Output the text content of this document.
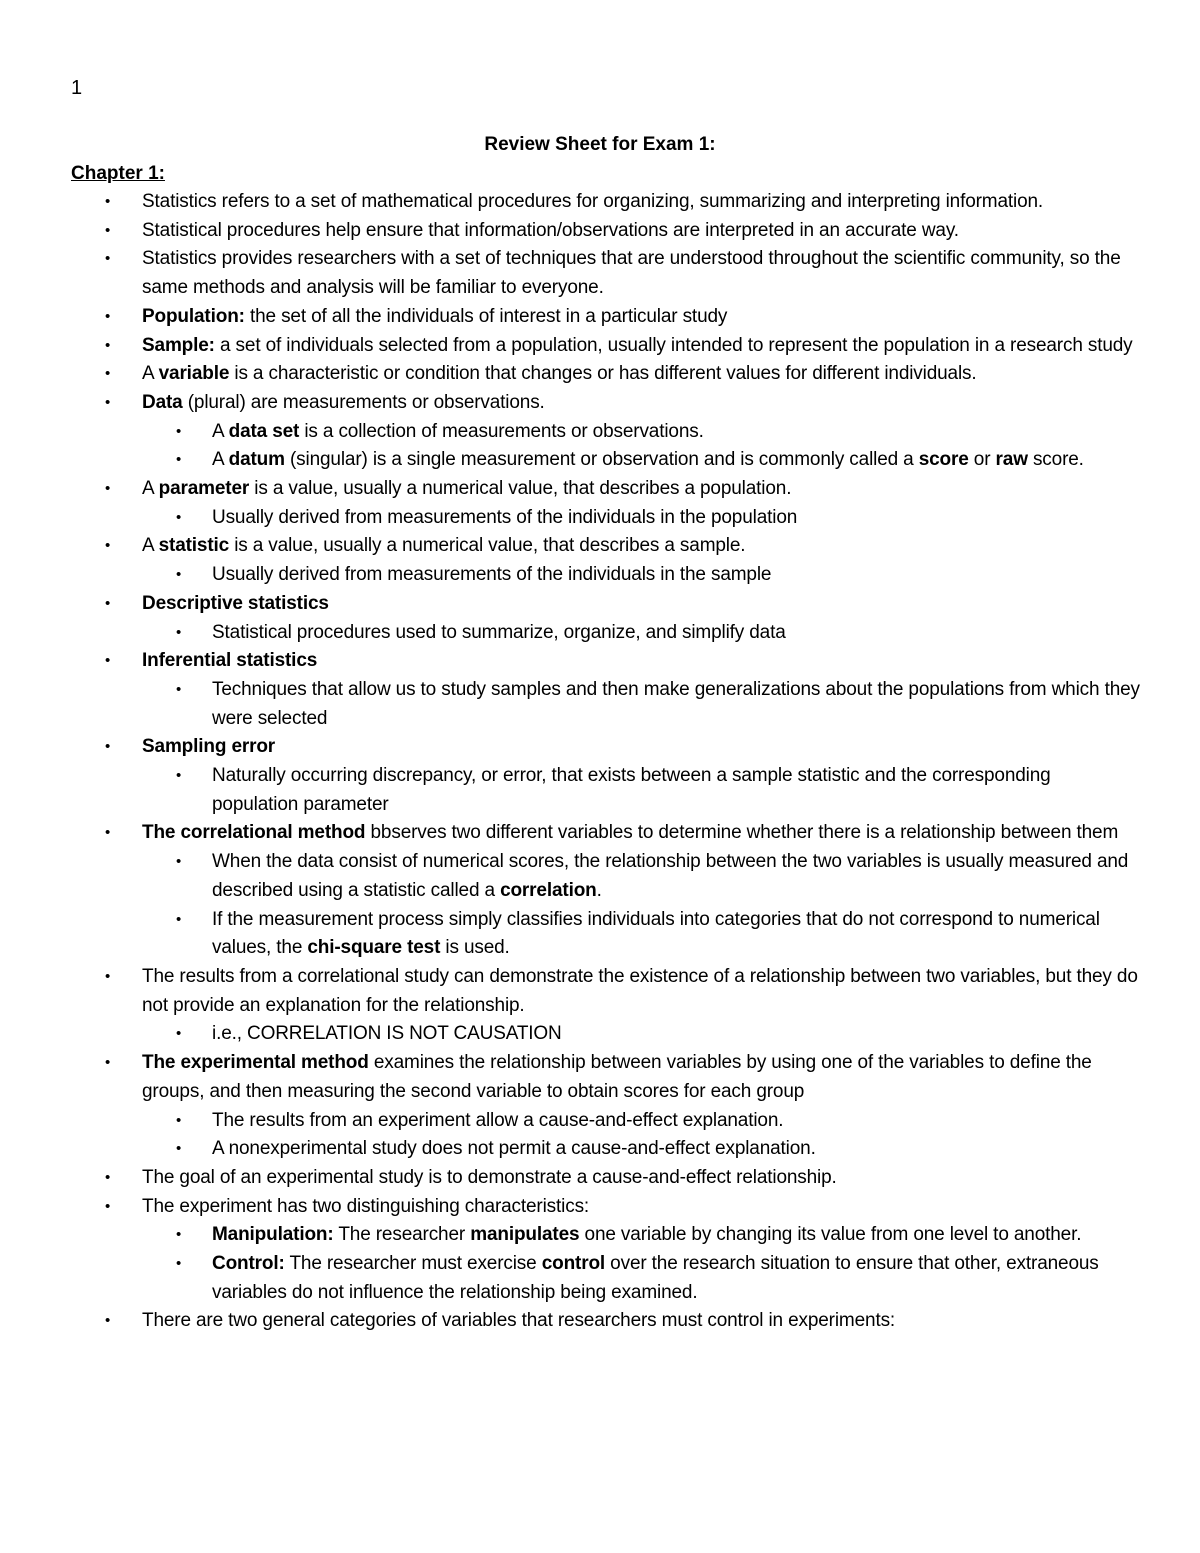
1
Review Sheet for Exam 1:
Chapter 1:
• Statistics refers to a set of mathematical procedures for organizing, summarizing and interpreting information.
• Statistical procedures help ensure that information/observations are interpreted in an accurate way.
• Statistics provides researchers with a set of techniques that are understood throughout the scientific community, so the same methods and analysis will be familiar to everyone.
• Population: the set of all the individuals of interest in a particular study
• Sample: a set of individuals selected from a population, usually intended to represent the population in a research study
• A variable is a characteristic or condition that changes or has different values for different individuals.
• Data (plural) are measurements or observations.
• A data set is a collection of measurements or observations.
• A datum (singular) is a single measurement or observation and is commonly called a score or raw score.
• A parameter is a value, usually a numerical value, that describes a population.
• Usually derived from measurements of the individuals in the population
• A statistic is a value, usually a numerical value, that describes a sample.
• Usually derived from measurements of the individuals in the sample
• Descriptive statistics
• Statistical procedures used to summarize, organize, and simplify data
• Inferential statistics
• Techniques that allow us to study samples and then make generalizations about the populations from which they were selected
• Sampling error
• Naturally occurring discrepancy, or error, that exists between a sample statistic and the corresponding population parameter
• The correlational method bbserves two different variables to determine whether there is a relationship between them
• When the data consist of numerical scores, the relationship between the two variables is usually measured and described using a statistic called a correlation.
• If the measurement process simply classifies individuals into categories that do not correspond to numerical values, the chi-square test is used.
• The results from a correlational study can demonstrate the existence of a relationship between two variables, but they do not provide an explanation for the relationship.
• i.e., CORRELATION IS NOT CAUSATION
• The experimental method examines the relationship between variables by using one of the variables to define the groups, and then measuring the second variable to obtain scores for each group
• The results from an experiment allow a cause-and-effect explanation.
• A nonexperimental study does not permit a cause-and-effect explanation.
• The goal of an experimental study is to demonstrate a cause-and-effect relationship.
• The experiment has two distinguishing characteristics:
• Manipulation: The researcher manipulates one variable by changing its value from one level to another.
• Control: The researcher must exercise control over the research situation to ensure that other, extraneous variables do not influence the relationship being examined.
• There are two general categories of variables that researchers must control in experiments:
